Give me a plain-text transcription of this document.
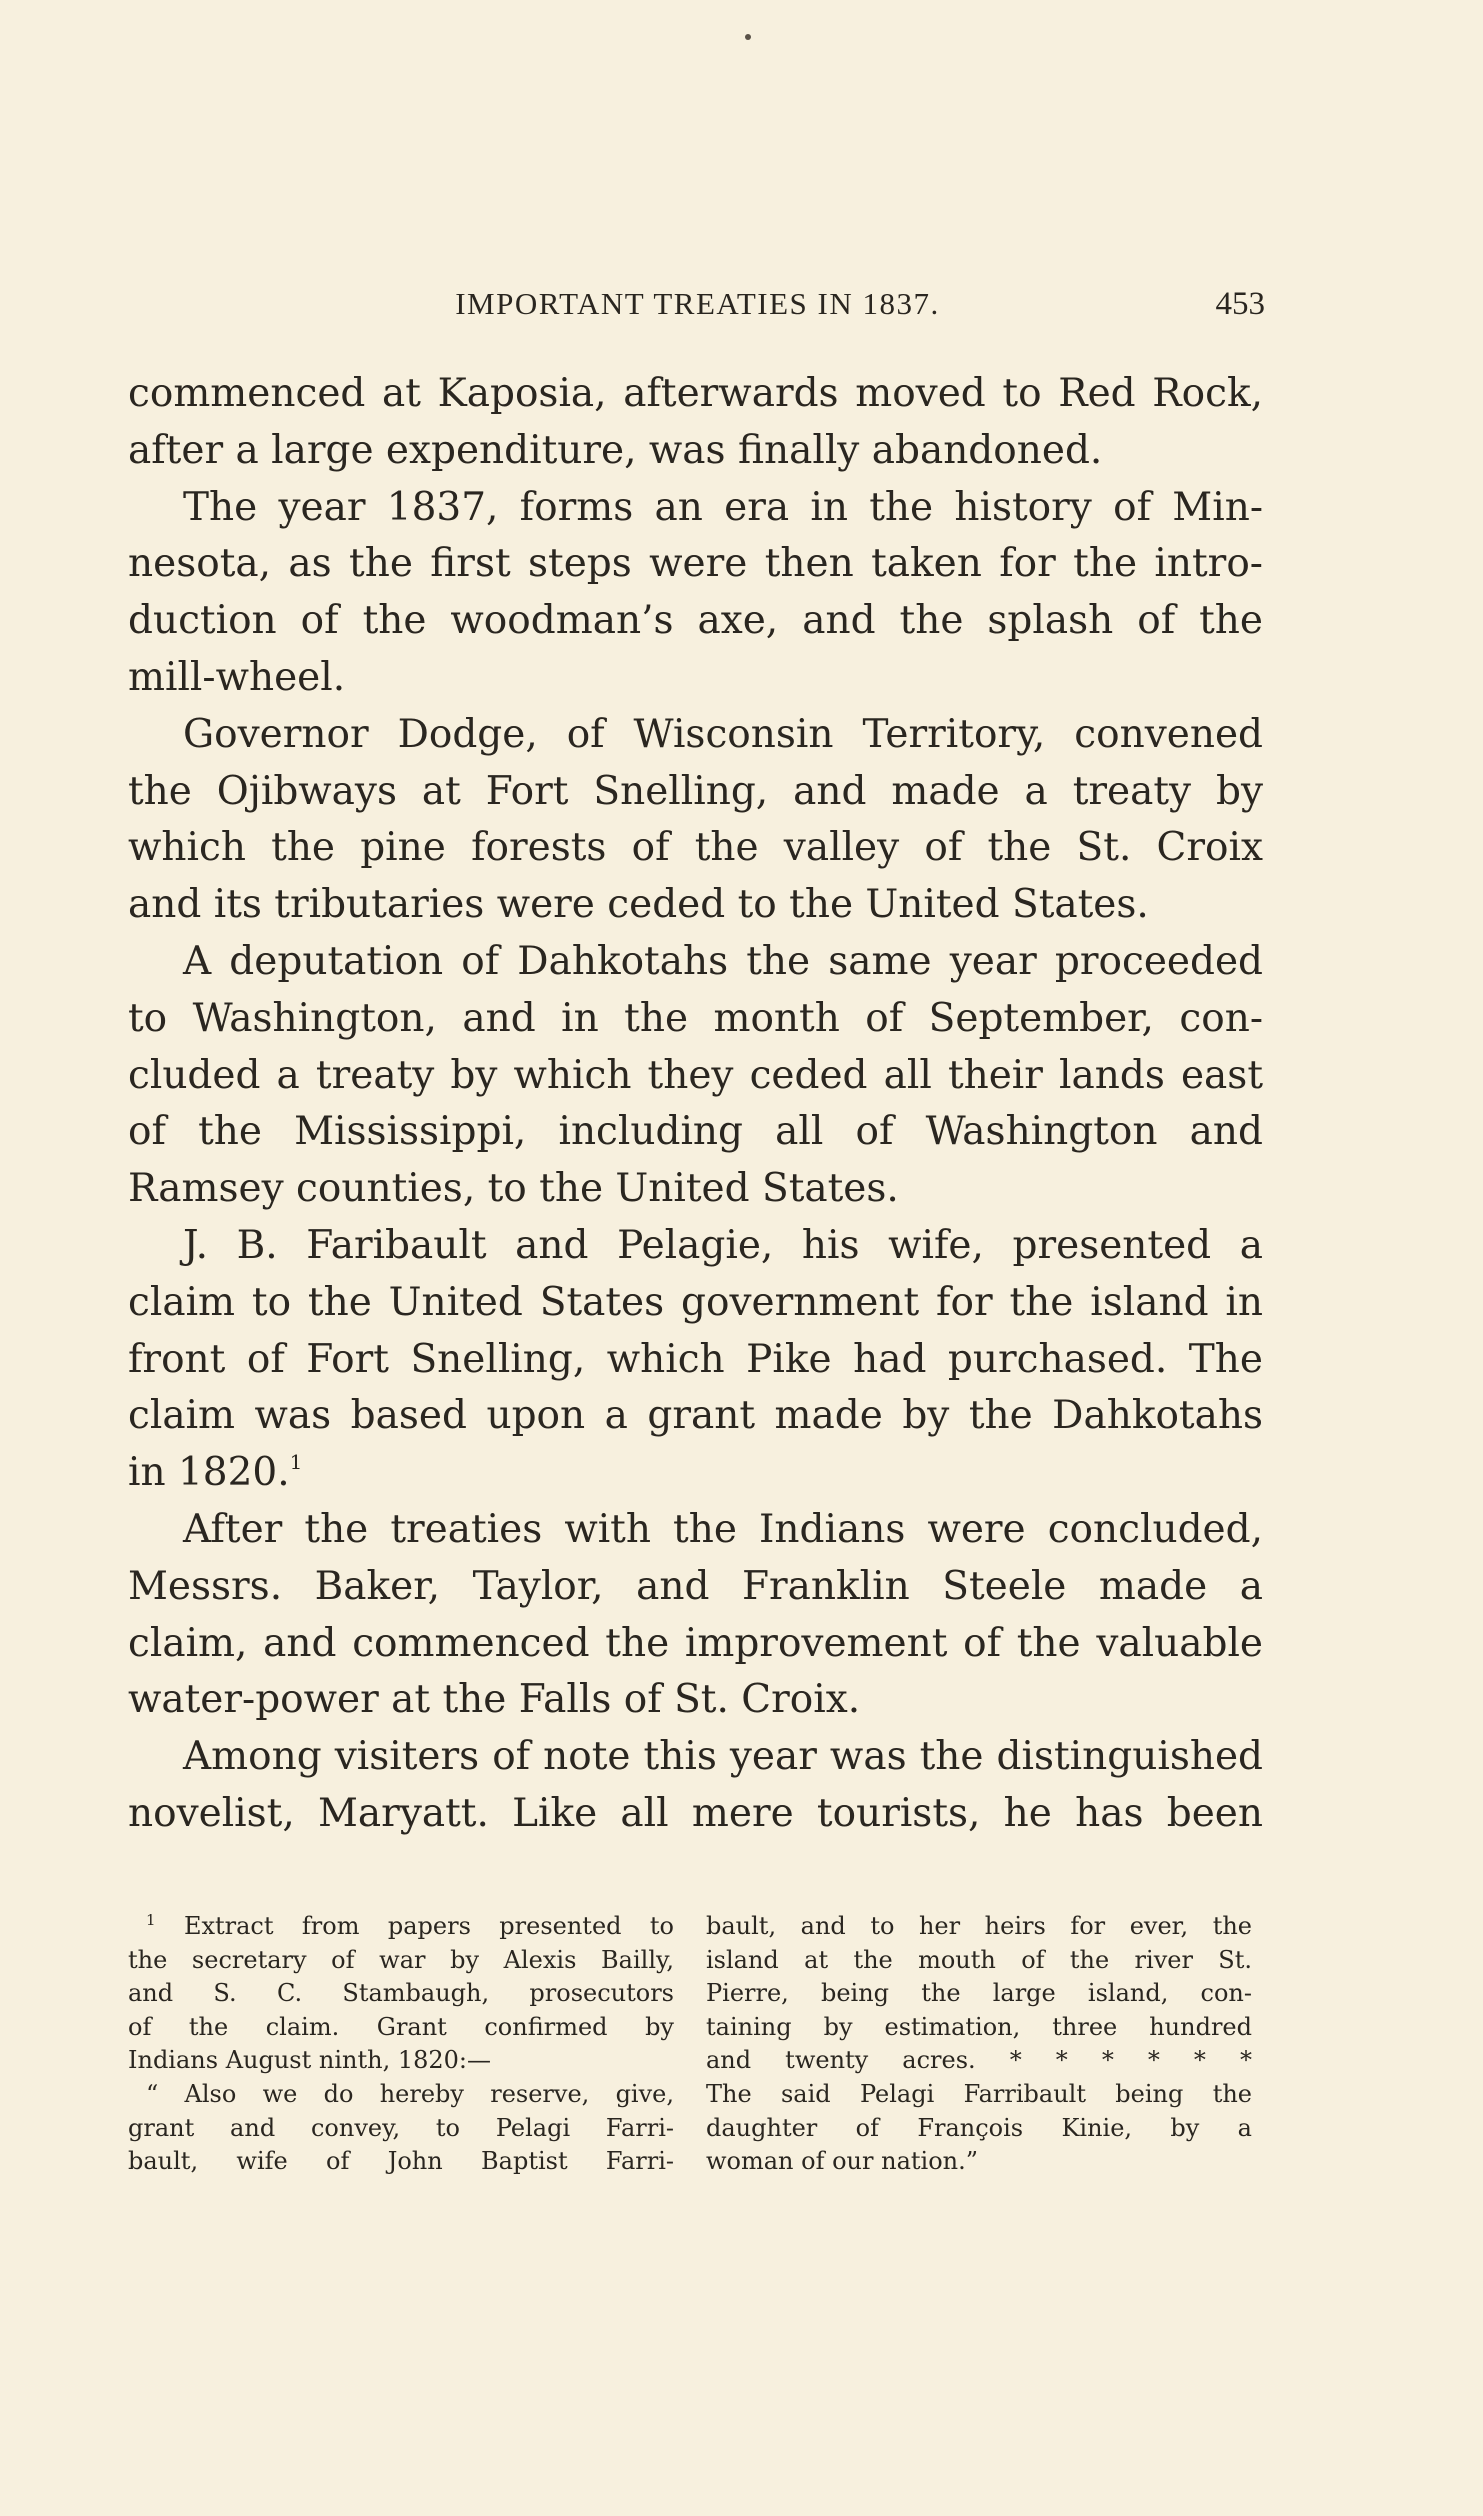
IMPORTANT TREATIES IN 1837.	453
commenced at Kaposia, afterwards moved to Red Rock,
after a large expenditure, was finally abandoned.
The year 1837, forms an era in the history of Min-
nesota, as the first steps were then taken for the intro-
duction of the woodman’s axe, and the splash of the
mill-wheel.
Governor Dodge, of Wisconsin Territory, convened
the Ojibways at Fort Snelling, and made a treaty by
which the pine forests of the valley of the St. Croix
and its tributaries were ceded to the United States.
A deputation of Dahkotahs the same year proceeded
to Washington, and in the month of September, con-
cluded a treaty by which they ceded all their lands east
of the Mississippi, including all of Washington and
Ramsey counties, to the United States.
J. B. Faribault and Pelagie, his wife, presented a
claim to the United States government for the island in
front of Fort Snelling, which Pike had purchased. The
claim was based upon a grant made by the Dahkotahs
in 1820.$^1$
After the treaties with the Indians were concluded,
Messrs. Baker, Taylor, and Franklin Steele made a
claim, and commenced the improvement of the valuable
water-power at the Falls of St. Croix.
Among visiters of note this year was the distinguished
novelist, Maryatt. Like all mere tourists, he has been
$^1$ Extract from papers presented to
the secretary of war by Alexis Bailly,
and S. C. Stambaugh, prosecutors
of the claim. Grant confirmed by
Indians August ninth, 1820:—
“ Also we do hereby reserve, give,
grant and convey, to Pelagi Farri-
bault, wife of John Baptist Farri-
bault, and to her heirs for ever, the
island at the mouth of the river St.
Pierre, being the large island, con-
taining by estimation, three hundred
and twenty acres. * * * * * *
The said Pelagi Farribault being the
daughter of François Kinie, by a
woman of our nation.”
